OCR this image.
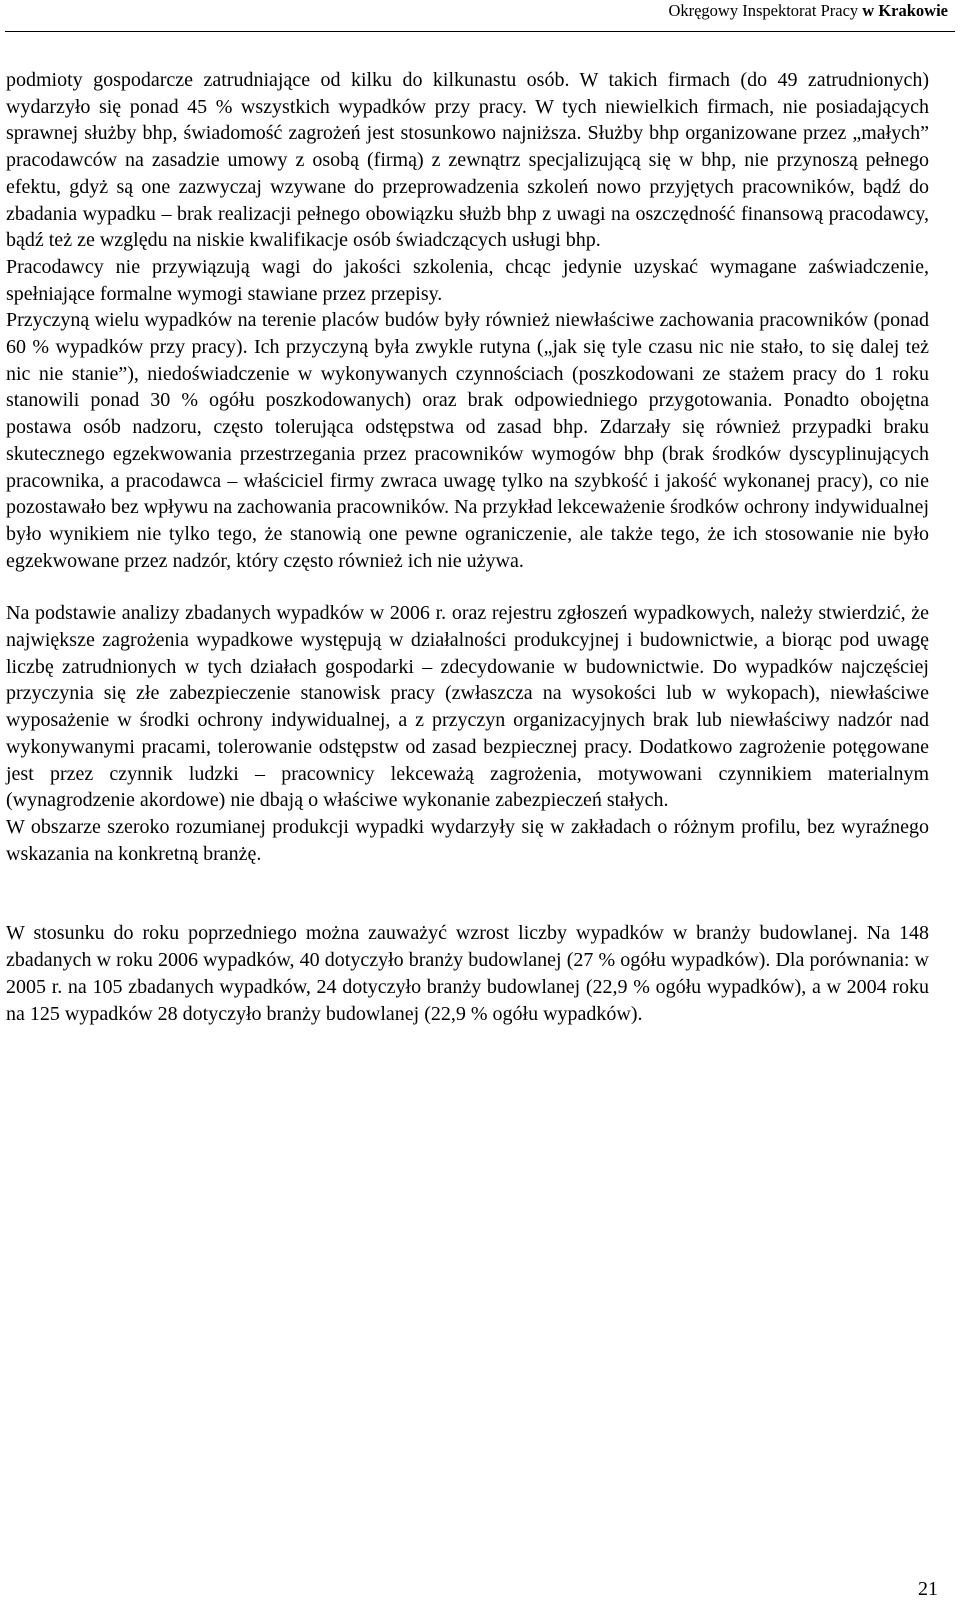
Okręgowy Inspektorat Pracy w Krakowie

podmioty gospodarcze zatrudniające od kilku do kilkunastu osób. W takich firmach (do 49 zatrudnionych) wydarzyło się ponad 45 % wszystkich wypadków przy pracy. W tych niewielkich firmach, nie posiadających sprawnej służby bhp, świadomość zagrożeń jest stosunkowo najniższa. Służby bhp organizowane przez „małych” pracodawców na zasadzie umowy z osobą (firmą) z zewnątrz specjalizującą się w bhp, nie przynoszą pełnego efektu, gdyż są one zazwyczaj wzywane do przeprowadzenia szkoleń nowo przyjętych pracowników, bądź do zbadania wypadku – brak realizacji pełnego obowiązku służb bhp z uwagi na oszczędność finansową pracodawcy, bądź też ze względu na niskie kwalifikacje osób świadczących usługi bhp.

Pracodawcy nie przywiązują wagi do jakości szkolenia, chcąc jedynie uzyskać wymagane zaświadczenie, spełniające formalne wymogi stawiane przez przepisy.

Przyczyną wielu wypadków na terenie placów budów były również niewłaściwe zachowania pracowników (ponad 60 % wypadków przy pracy). Ich przyczyną była zwykle rutyna („jak się tyle czasu nic nie stało, to się dalej też nic nie stanie”), niedoświadczenie w wykonywanych czynnościach (poszkodowani ze stażem pracy do 1 roku stanowili ponad 30 % ogółu poszkodowanych) oraz brak odpowiedniego przygotowania. Ponadto obojętna postawa osób nadzoru, często tolerująca odstępstwa od zasad bhp. Zdarzały się również przypadki braku skutecznego egzekwowania przestrzegania przez pracowników wymogów bhp (brak środków dyscyplinujących pracownika, a pracodawca – właściciel firmy zwraca uwagę tylko na szybkość i jakość wykonanej pracy), co nie pozostawało bez wpływu na zachowania pracowników. Na przykład lekceważenie środków ochrony indywidualnej było wynikiem nie tylko tego, że stanowią one pewne ograniczenie, ale także tego, że ich stosowanie nie było egzekwowane przez nadzór, który często również ich nie używa.

Na podstawie analizy zbadanych wypadków w 2006 r. oraz rejestru zgłoszeń wypadkowych, należy stwierdzić, że największe zagrożenia wypadkowe występują w działalności produkcyjnej i budownictwie, a biorąc pod uwagę liczbę zatrudnionych w tych działach gospodarki – zdecydowanie w budownictwie. Do wypadków najczęściej przyczynia się złe zabezpieczenie stanowisk pracy (zwłaszcza na wysokości lub w wykopach), niewłaściwe wyposażenie w środki ochrony indywidualnej, a z przyczyn organizacyjnych brak lub niewłaściwy nadzór nad wykonywanymi pracami, tolerowanie odstępstw od zasad bezpiecznej pracy. Dodatkowo zagrożenie potęgowane jest przez czynnik ludzki – pracownicy lekceważą zagrożenia, motywowani czynnikiem materialnym (wynagrodzenie akordowe) nie dbają o właściwe wykonanie zabezpieczeń stałych.

W obszarze szeroko rozumianej produkcji wypadki wydarzyły się w zakładach o różnym profilu, bez wyraźnego wskazania na konkretną branżę.

W stosunku do roku poprzedniego można zauważyć wzrost liczby wypadków w branży budowlanej. Na 148 zbadanych w roku 2006 wypadków, 40 dotyczyło branży budowlanej (27 % ogółu wypadków). Dla porównania: w 2005 r. na 105 zbadanych wypadków, 24 dotyczyło branży budowlanej (22,9 % ogółu wypadków), a w 2004 roku na 125 wypadków 28 dotyczyło branży budowlanej (22,9 % ogółu wypadków).

21
